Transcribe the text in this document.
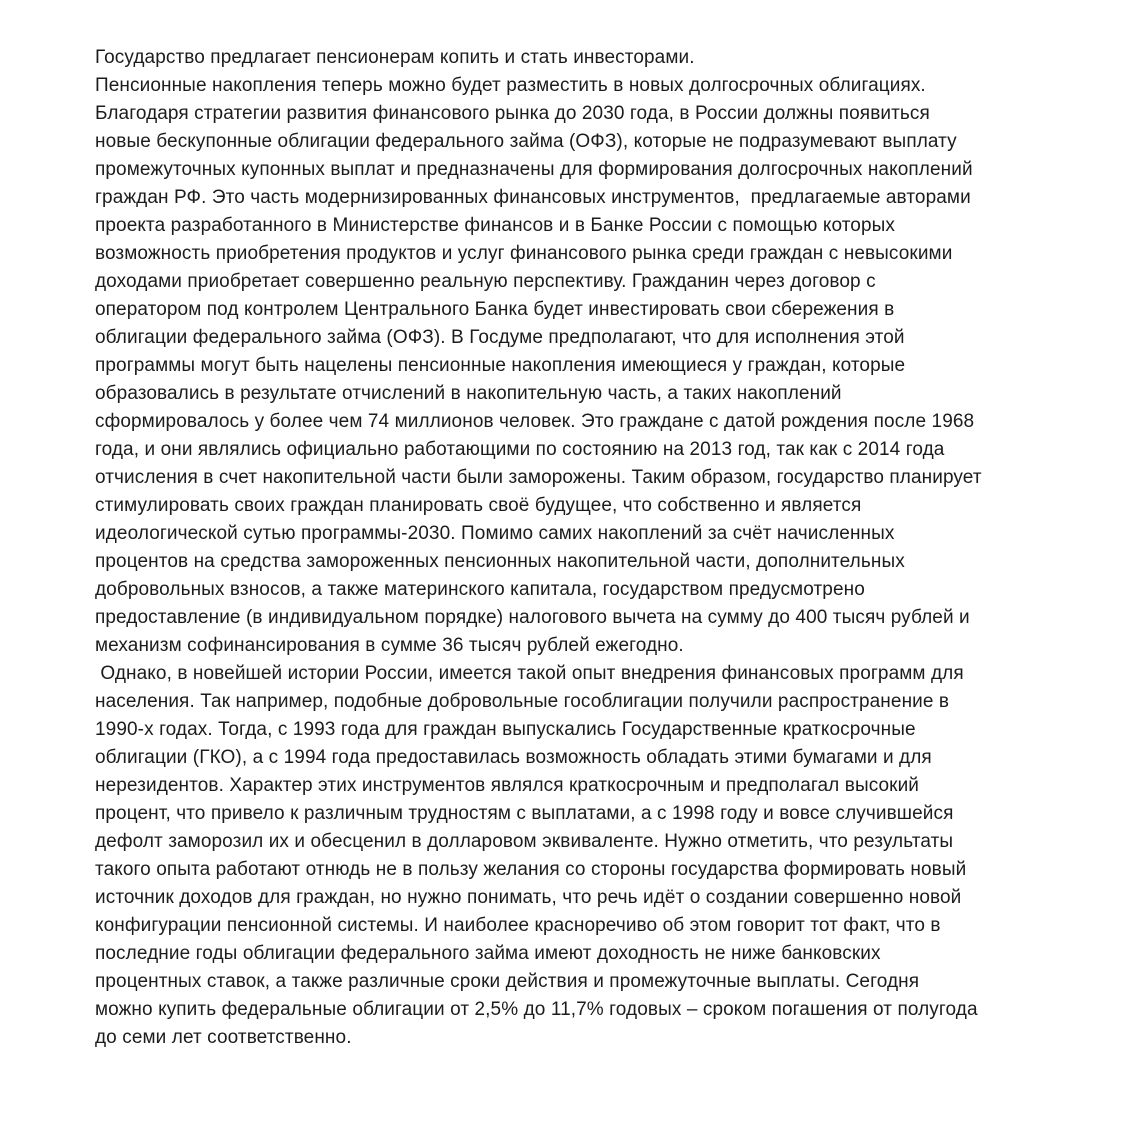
Государство предлагает пенсионерам копить и стать инвесторами.
Пенсионные накопления теперь можно будет разместить в новых долгосрочных облигациях.
Благодаря стратегии развития финансового рынка до 2030 года, в России должны появиться
новые бескупонные облигации федерального займа (ОФЗ), которые не подразумевают выплату
промежуточных купонных выплат и предназначены для формирования долгосрочных накоплений
граждан РФ. Это часть модернизированных финансовых инструментов,  предлагаемые авторами
проекта разработанного в Министерстве финансов и в Банке России с помощью которых
возможность приобретения продуктов и услуг финансового рынка среди граждан с невысокими
доходами приобретает совершенно реальную перспективу. Гражданин через договор с
оператором под контролем Центрального Банка будет инвестировать свои сбережения в
облигации федерального займа (ОФЗ). В Госдуме предполагают, что для исполнения этой
программы могут быть нацелены пенсионные накопления имеющиеся у граждан, которые
образовались в результате отчислений в накопительную часть, а таких накоплений
сформировалось у более чем 74 миллионов человек. Это граждане с датой рождения после 1968
года, и они являлись официально работающими по состоянию на 2013 год, так как с 2014 года
отчисления в счет накопительной части были заморожены. Таким образом, государство планирует
стимулировать своих граждан планировать своё будущее, что собственно и является
идеологической сутью программы-2030. Помимо самих накоплений за счёт начисленных
процентов на средства замороженных пенсионных накопительной части, дополнительных
добровольных взносов, а также материнского капитала, государством предусмотрено
предоставление (в индивидуальном порядке) налогового вычета на сумму до 400 тысяч рублей и
механизм софинансирования в сумме 36 тысяч рублей ежегодно.
Однако, в новейшей истории России, имеется такой опыт внедрения финансовых программ для
населения. Так например, подобные добровольные гособлигации получили распространение в
1990-х годах. Тогда, с 1993 года для граждан выпускались Государственные краткосрочные
облигации (ГКО), а с 1994 года предоставилась возможность обладать этими бумагами и для
нерезидентов. Характер этих инструментов являлся краткосрочным и предполагал высокий
процент, что привело к различным трудностям с выплатами, а с 1998 году и вовсе случившейся
дефолт заморозил их и обесценил в долларовом эквиваленте. Нужно отметить, что результаты
такого опыта работают отнюдь не в пользу желания со стороны государства формировать новый
источник доходов для граждан, но нужно понимать, что речь идёт о создании совершенно новой
конфигурации пенсионной системы. И наиболее красноречиво об этом говорит тот факт, что в
последние годы облигации федерального займа имеют доходность не ниже банковских
процентных ставок, а также различные сроки действия и промежуточные выплаты. Сегодня
можно купить федеральные облигации от 2,5% до 11,7% годовых – сроком погашения от полугода
до семи лет соответственно.
